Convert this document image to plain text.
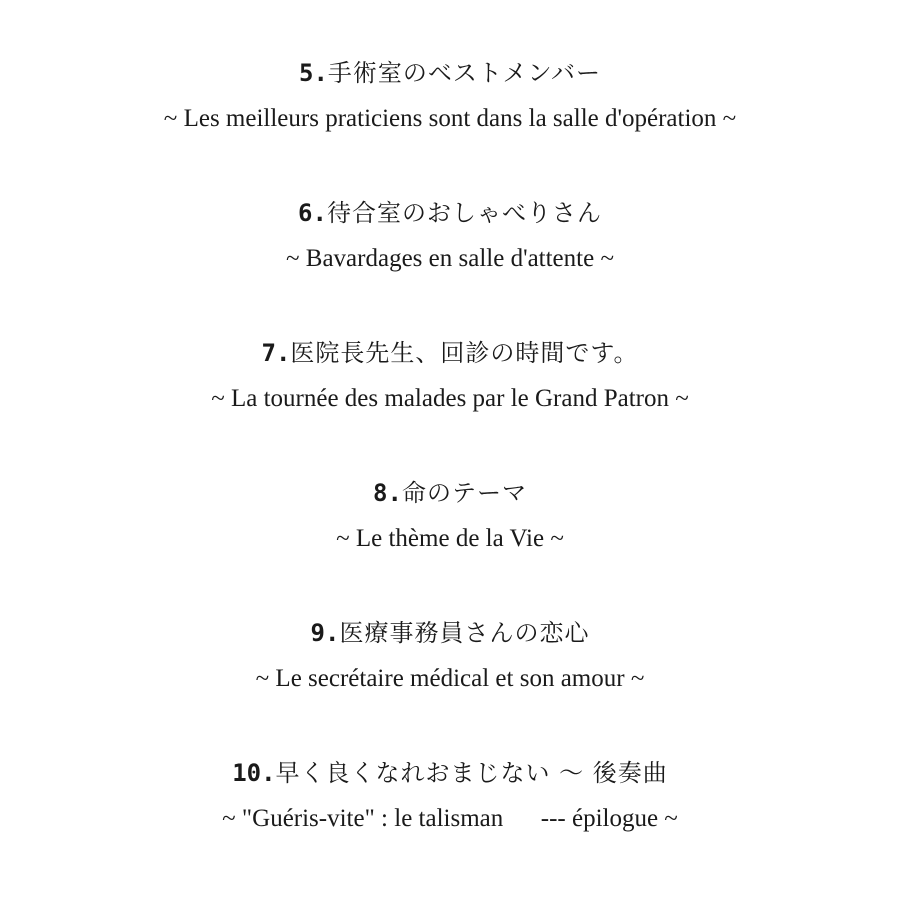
5.手術室のベストメンバー
~ Les meilleurs praticiens sont dans la salle d'opération ~
6.待合室のおしゃべりさん
~ Bavardages en salle d'attente ~
7.医院長先生、回診の時間です。
~ La tournée des malades par le Grand Patron ~
8.命のテーマ
~ Le thème de la Vie ~
9.医療事務員さんの恋心
~ Le secrétaire médical et son amour ~
10.早く良くなれおまじない ～ 後奏曲
~ "Guéris-vite" : le talisman      --- épilogue ~
